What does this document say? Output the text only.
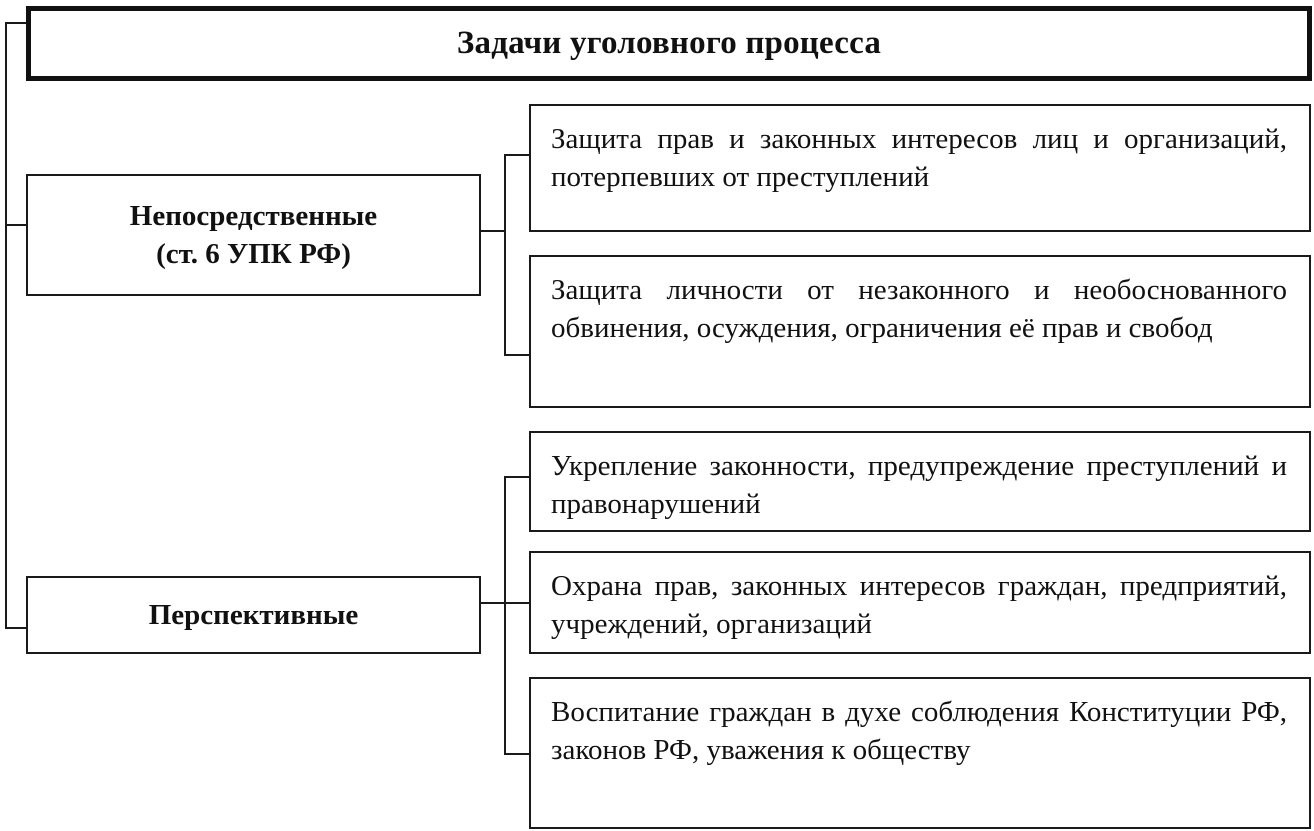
Задачи уголовного процесса
Непосредственные
(ст. 6 УПК РФ)
Перспективные
Защита прав и законных интересов лиц и организаций, потерпевших от преступлений
Защита личности от незаконного и необоснованного обвинения, осуждения, ограничения её прав и свобод
Укрепление законности, предупреждение преступлений и правонарушений
Охрана прав, законных интересов граждан, предприятий, учреждений, организаций
Воспитание граждан в духе соблюдения Конституции РФ, законов РФ, уважения к обществу
